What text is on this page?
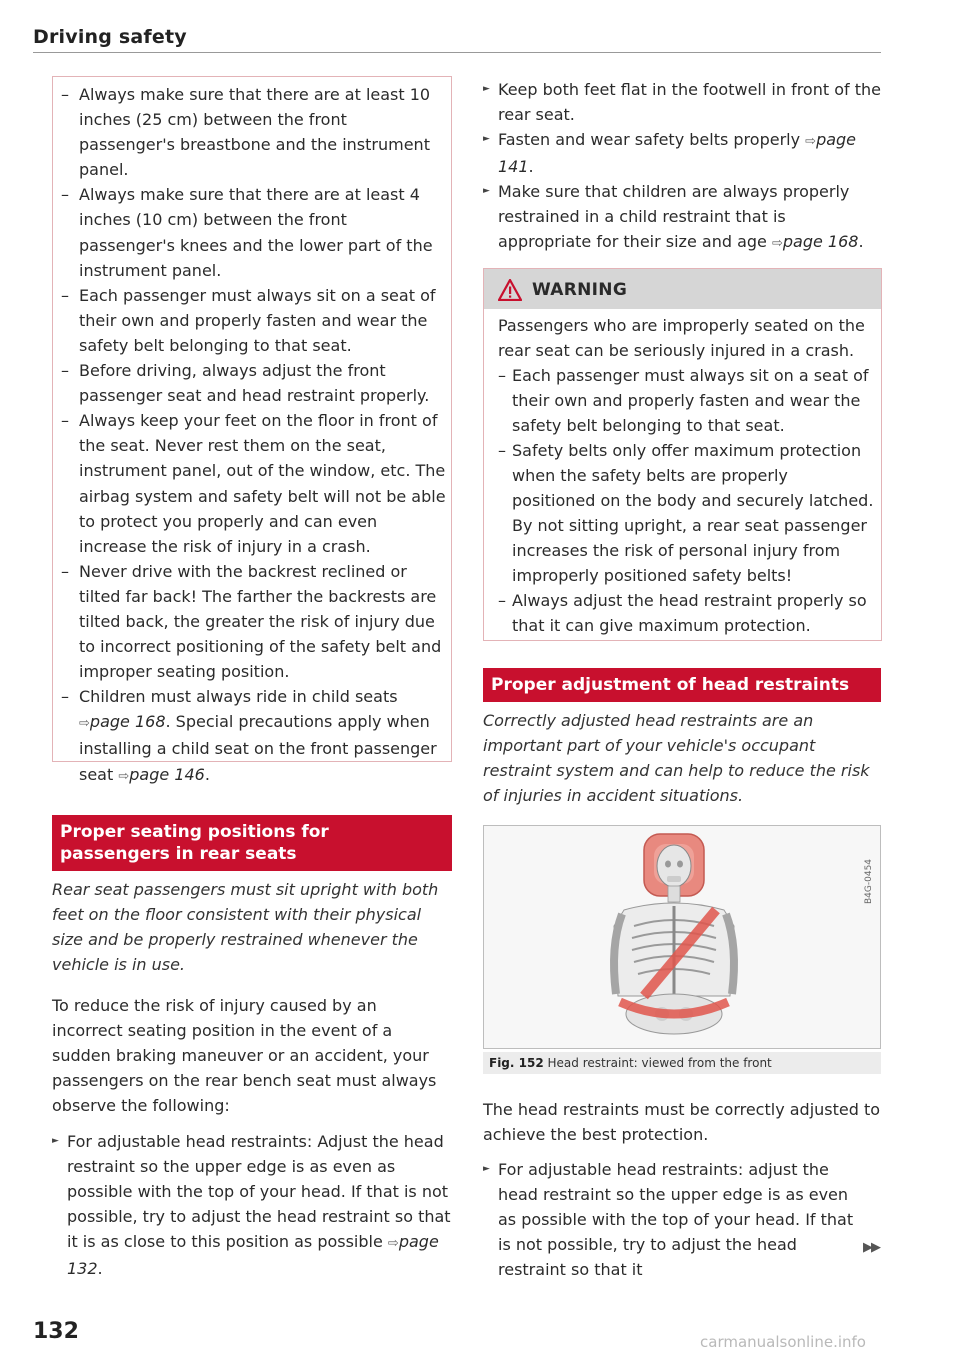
Driving safety
– Always make sure that there are at least 10 inches (25 cm) between the front passenger's breastbone and the instrument panel.
– Always make sure that there are at least 4 inches (10 cm) between the front passenger's knees and the lower part of the instrument panel.
– Each passenger must always sit on a seat of their own and properly fasten and wear the safety belt belonging to that seat.
– Before driving, always adjust the front passenger seat and head restraint properly.
– Always keep your feet on the floor in front of the seat. Never rest them on the seat, instrument panel, out of the window, etc. The airbag system and safety belt will not be able to protect you properly and can even increase the risk of injury in a crash.
– Never drive with the backrest reclined or tilted far back! The farther the backrests are tilted back, the greater the risk of injury due to incorrect positioning of the safety belt and improper seating position.
– Children must always ride in child seats ⇨page 168. Special precautions apply when installing a child seat on the front passenger seat ⇨page 146.
Proper seating positions for passengers in rear seats
Rear seat passengers must sit upright with both feet on the floor consistent with their physical size and be properly restrained whenever the vehicle is in use.
To reduce the risk of injury caused by an incorrect seating position in the event of a sudden braking maneuver or an accident, your passengers on the rear bench seat must always observe the following:
► For adjustable head restraints: Adjust the head restraint so the upper edge is as even as possible with the top of your head. If that is not possible, try to adjust the head restraint so that it is as close to this position as possible ⇨page 132.
► Keep both feet flat in the footwell in front of the rear seat.
► Fasten and wear safety belts properly ⇨page 141.
► Make sure that children are always properly restrained in a child restraint that is appropriate for their size and age ⇨page 168.
WARNING
Passengers who are improperly seated on the rear seat can be seriously injured in a crash.
– Each passenger must always sit on a seat of their own and properly fasten and wear the safety belt belonging to that seat.
– Safety belts only offer maximum protection when the safety belts are properly positioned on the body and securely latched. By not sitting upright, a rear seat passenger increases the risk of personal injury from improperly positioned safety belts!
– Always adjust the head restraint properly so that it can give maximum protection.
Proper adjustment of head restraints
Correctly adjusted head restraints are an important part of your vehicle's occupant restraint system and can help to reduce the risk of injuries in accident situations.
B4G-0454
Fig. 152 Head restraint: viewed from the front
The head restraints must be correctly adjusted to achieve the best protection.
► For adjustable head restraints: adjust the head restraint so the upper edge is as even as possible with the top of your head. If that is not possible, try to adjust the head restraint so that it
▶▶
132	carmanualsonline.info
